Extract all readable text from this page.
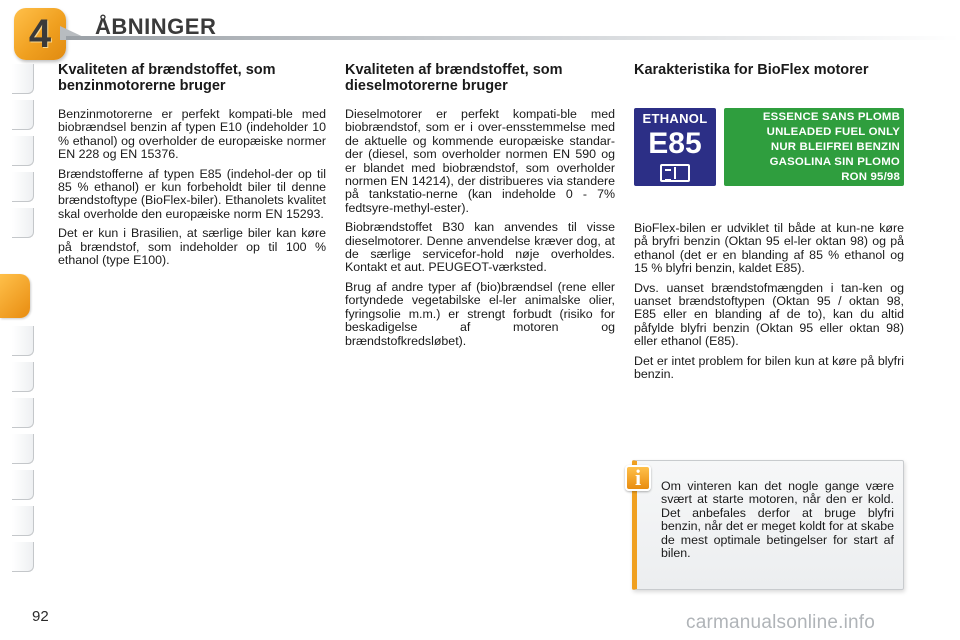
4	ÅBNINGER
Kvaliteten af brændstoffet, som benzinmotorerne bruger

Benzinmotorerne er perfekt kompati-ble med biobrændsel benzin af typen E10 (indeholder 10 % ethanol) og overholder de europæiske normer EN 228 og EN 15376.

Brændstofferne af typen E85 (indehol-der op til 85 % ethanol) er kun forbeholdt biler til denne brændstoftype (BioFlex-biler). Ethanolets kvalitet skal overholde den europæiske norm EN 15293.

Det er kun i Brasilien, at særlige biler kan køre på brændstof, som indeholder op til 100 % ethanol (type E100).

Kvaliteten af brændstoffet, som dieselmotorerne bruger

Dieselmotorer er perfekt kompati-ble med biobrændstof, som er i over-ensstemmelse med de aktuelle og kommende europæiske standar-der (diesel, som overholder normen EN 590 og er blandet med biobrændstof, som overholder normen EN 14214), der distribueres via standere på tankstatio-nerne (kan indeholde 0 - 7% fedtsyre-methyl-ester).

Biobrændstoffet B30 kan anvendes til visse dieselmotorer. Denne anvendelse kræver dog, at de særlige servicefor-hold nøje overholdes. Kontakt et aut. PEUGEOT-værksted.

Brug af andre typer af (bio)brændsel (rene eller fortyndede vegetabilske el-ler animalske olier, fyringsolie m.m.) er strengt forbudt (risiko for beskadigelse af motoren og brændstofkredsløbet).

Karakteristika for BioFlex motorer

BioFlex-bilen er udviklet til både at kun-ne køre på bryfri benzin (Oktan 95 el-ler oktan 98) og på ethanol (det er en blanding af 85 % ethanol og 15 % blyfri benzin, kaldet E85).

Dvs. uanset brændstofmængden i tan-ken og uanset brændstoftypen (Oktan 95 / oktan 98, E85 eller en blanding af de to), kan du altid påfylde blyfri benzin (Oktan 95 eller oktan 98) eller ethanol (E85).

Det er intet problem for bilen kun at køre på blyfri benzin.

ETHANOL
E85
ESSENCE SANS PLOMB
UNLEADED FUEL ONLY
NUR BLEIFREI BENZIN
GASOLINA SIN PLOMO
RON 95/98
i	Om vinteren kan det nogle gange være svært at starte motoren, når den er kold. Det anbefales derfor at bruge blyfri benzin, når det er meget koldt for at skabe de mest optimale betingelser for start af bilen.
92	carmanualsonline.info
